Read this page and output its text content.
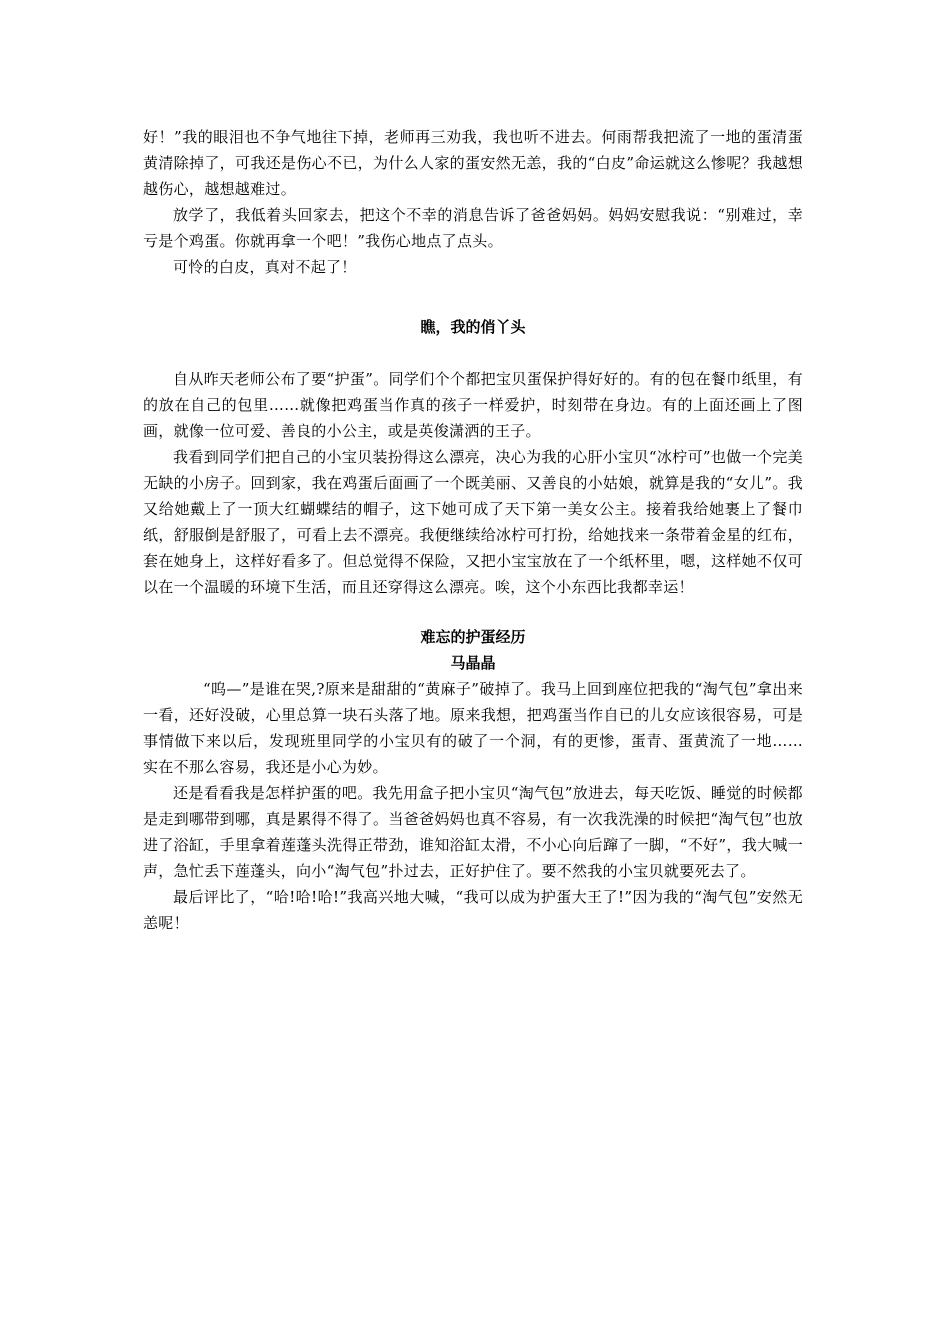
好！”我的眼泪也不争气地往下掉，老师再三劝我，我也听不进去。何雨帮我把流了一地的蛋清蛋黄清除掉了，可我还是伤心不已，为什么人家的蛋安然无恙，我的“白皮”命运就这么惨呢？我越想越伤心，越想越难过。

放学了，我低着头回家去，把这个不幸的消息告诉了爸爸妈妈。妈妈安慰我说：“别难过，幸亏是个鸡蛋。你就再拿一个吧！”我伤心地点了点头。

可怜的白皮，真对不起了！

瞧，我的俏丫头

自从昨天老师公布了要“护蛋”。同学们个个都把宝贝蛋保护得好好的。有的包在餐巾纸里，有的放在自己的包里……就像把鸡蛋当作真的孩子一样爱护，时刻带在身边。有的上面还画上了图画，就像一位可爱、善良的小公主，或是英俊潇洒的王子。

我看到同学们把自己的小宝贝装扮得这么漂亮，决心为我的心肝小宝贝“冰柠可”也做一个完美无缺的小房子。回到家，我在鸡蛋后面画了一个既美丽、又善良的小姑娘，就算是我的“女儿”。我又给她戴上了一顶大红蝴蝶结的帽子，这下她可成了天下第一美女公主。接着我给她裹上了餐巾纸，舒服倒是舒服了，可看上去不漂亮。我便继续给冰柠可打扮，给她找来一条带着金星的红布，套在她身上，这样好看多了。但总觉得不保险，又把小宝宝放在了一个纸杯里，嗯，这样她不仅可以在一个温暖的环境下生活，而且还穿得这么漂亮。唉，这个小东西比我都幸运！

难忘的护蛋经历
马晶晶

“呜—”是谁在哭,?原来是甜甜的“黄麻子”破掉了。我马上回到座位把我的“淘气包”拿出来一看，还好没破，心里总算一块石头落了地。原来我想，把鸡蛋当作自已的儿女应该很容易，可是事情做下来以后，发现班里同学的小宝贝有的破了一个洞，有的更惨，蛋青、蛋黄流了一地……　实在不那么容易，我还是小心为妙。

还是看看我是怎样护蛋的吧。我先用盒子把小宝贝“淘气包”放进去，每天吃饭、睡觉的时候都是走到哪带到哪，真是累得不得了。当爸爸妈妈也真不容易，有一次我洗澡的时候把“淘气包”也放进了浴缸，手里拿着莲蓬头洗得正带劲，谁知浴缸太滑，不小心向后蹿了一脚，“不好”，我大喊一声，急忙丢下莲蓬头，向小“淘气包”扑过去，正好护住了。要不然我的小宝贝就要死去了。

最后评比了，“哈!哈!哈!”我高兴地大喊，“我可以成为护蛋大王了!”因为我的“淘气包”安然无恙呢！
